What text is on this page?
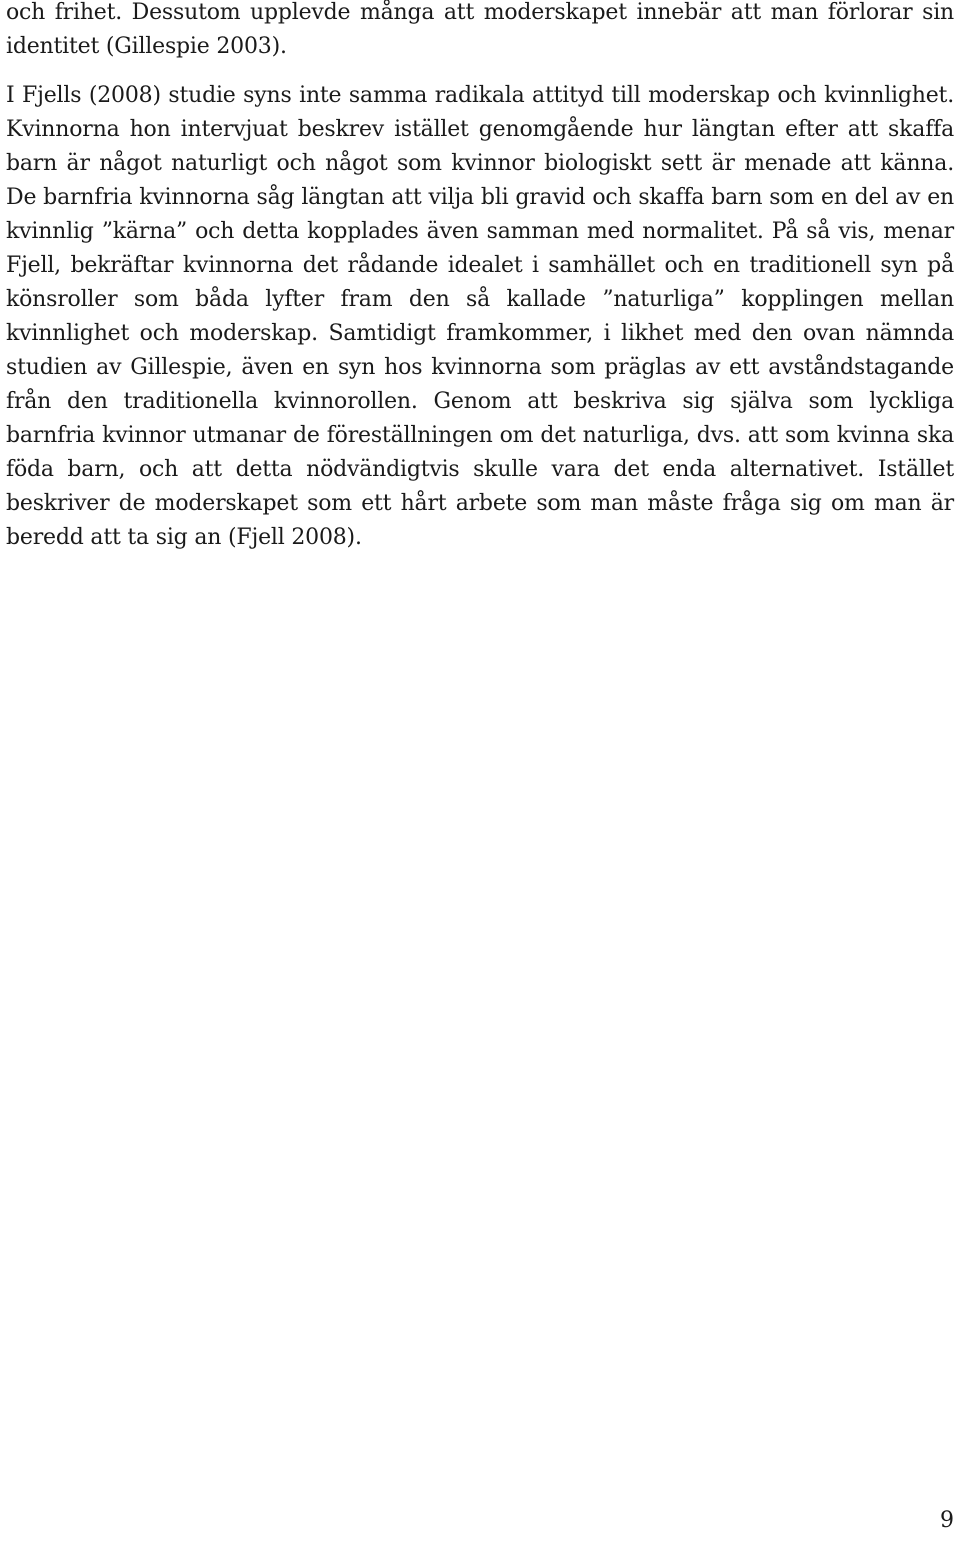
och frihet. Dessutom upplevde många att moderskapet innebär att man förlorar sin identitet (Gillespie 2003).

I Fjells (2008) studie syns inte samma radikala attityd till moderskap och kvinnlighet. Kvinnorna hon intervjuat beskrev istället genomgående hur längtan efter att skaffa barn är något naturligt och något som kvinnor biologiskt sett är menade att känna. De barnfria kvinnorna såg längtan att vilja bli gravid och skaffa barn som en del av en kvinnlig ”kärna” och detta kopplades även samman med normalitet. På så vis, menar Fjell, bekräftar kvinnorna det rådande idealet i samhället och en traditionell syn på könsroller som båda lyfter fram den så kallade ”naturliga” kopplingen mellan kvinnlighet och moderskap. Samtidigt framkommer, i likhet med den ovan nämnda studien av Gillespie, även en syn hos kvinnorna som präglas av ett avståndstagande från den traditionella kvinnorollen. Genom att beskriva sig själva som lyckliga barnfria kvinnor utmanar de föreställningen om det naturliga, dvs. att som kvinna ska föda barn, och att detta nödvändigtvis skulle vara det enda alternativet. Istället beskriver de moderskapet som ett hårt arbete som man måste fråga sig om man är beredd att ta sig an (Fjell 2008).

9
